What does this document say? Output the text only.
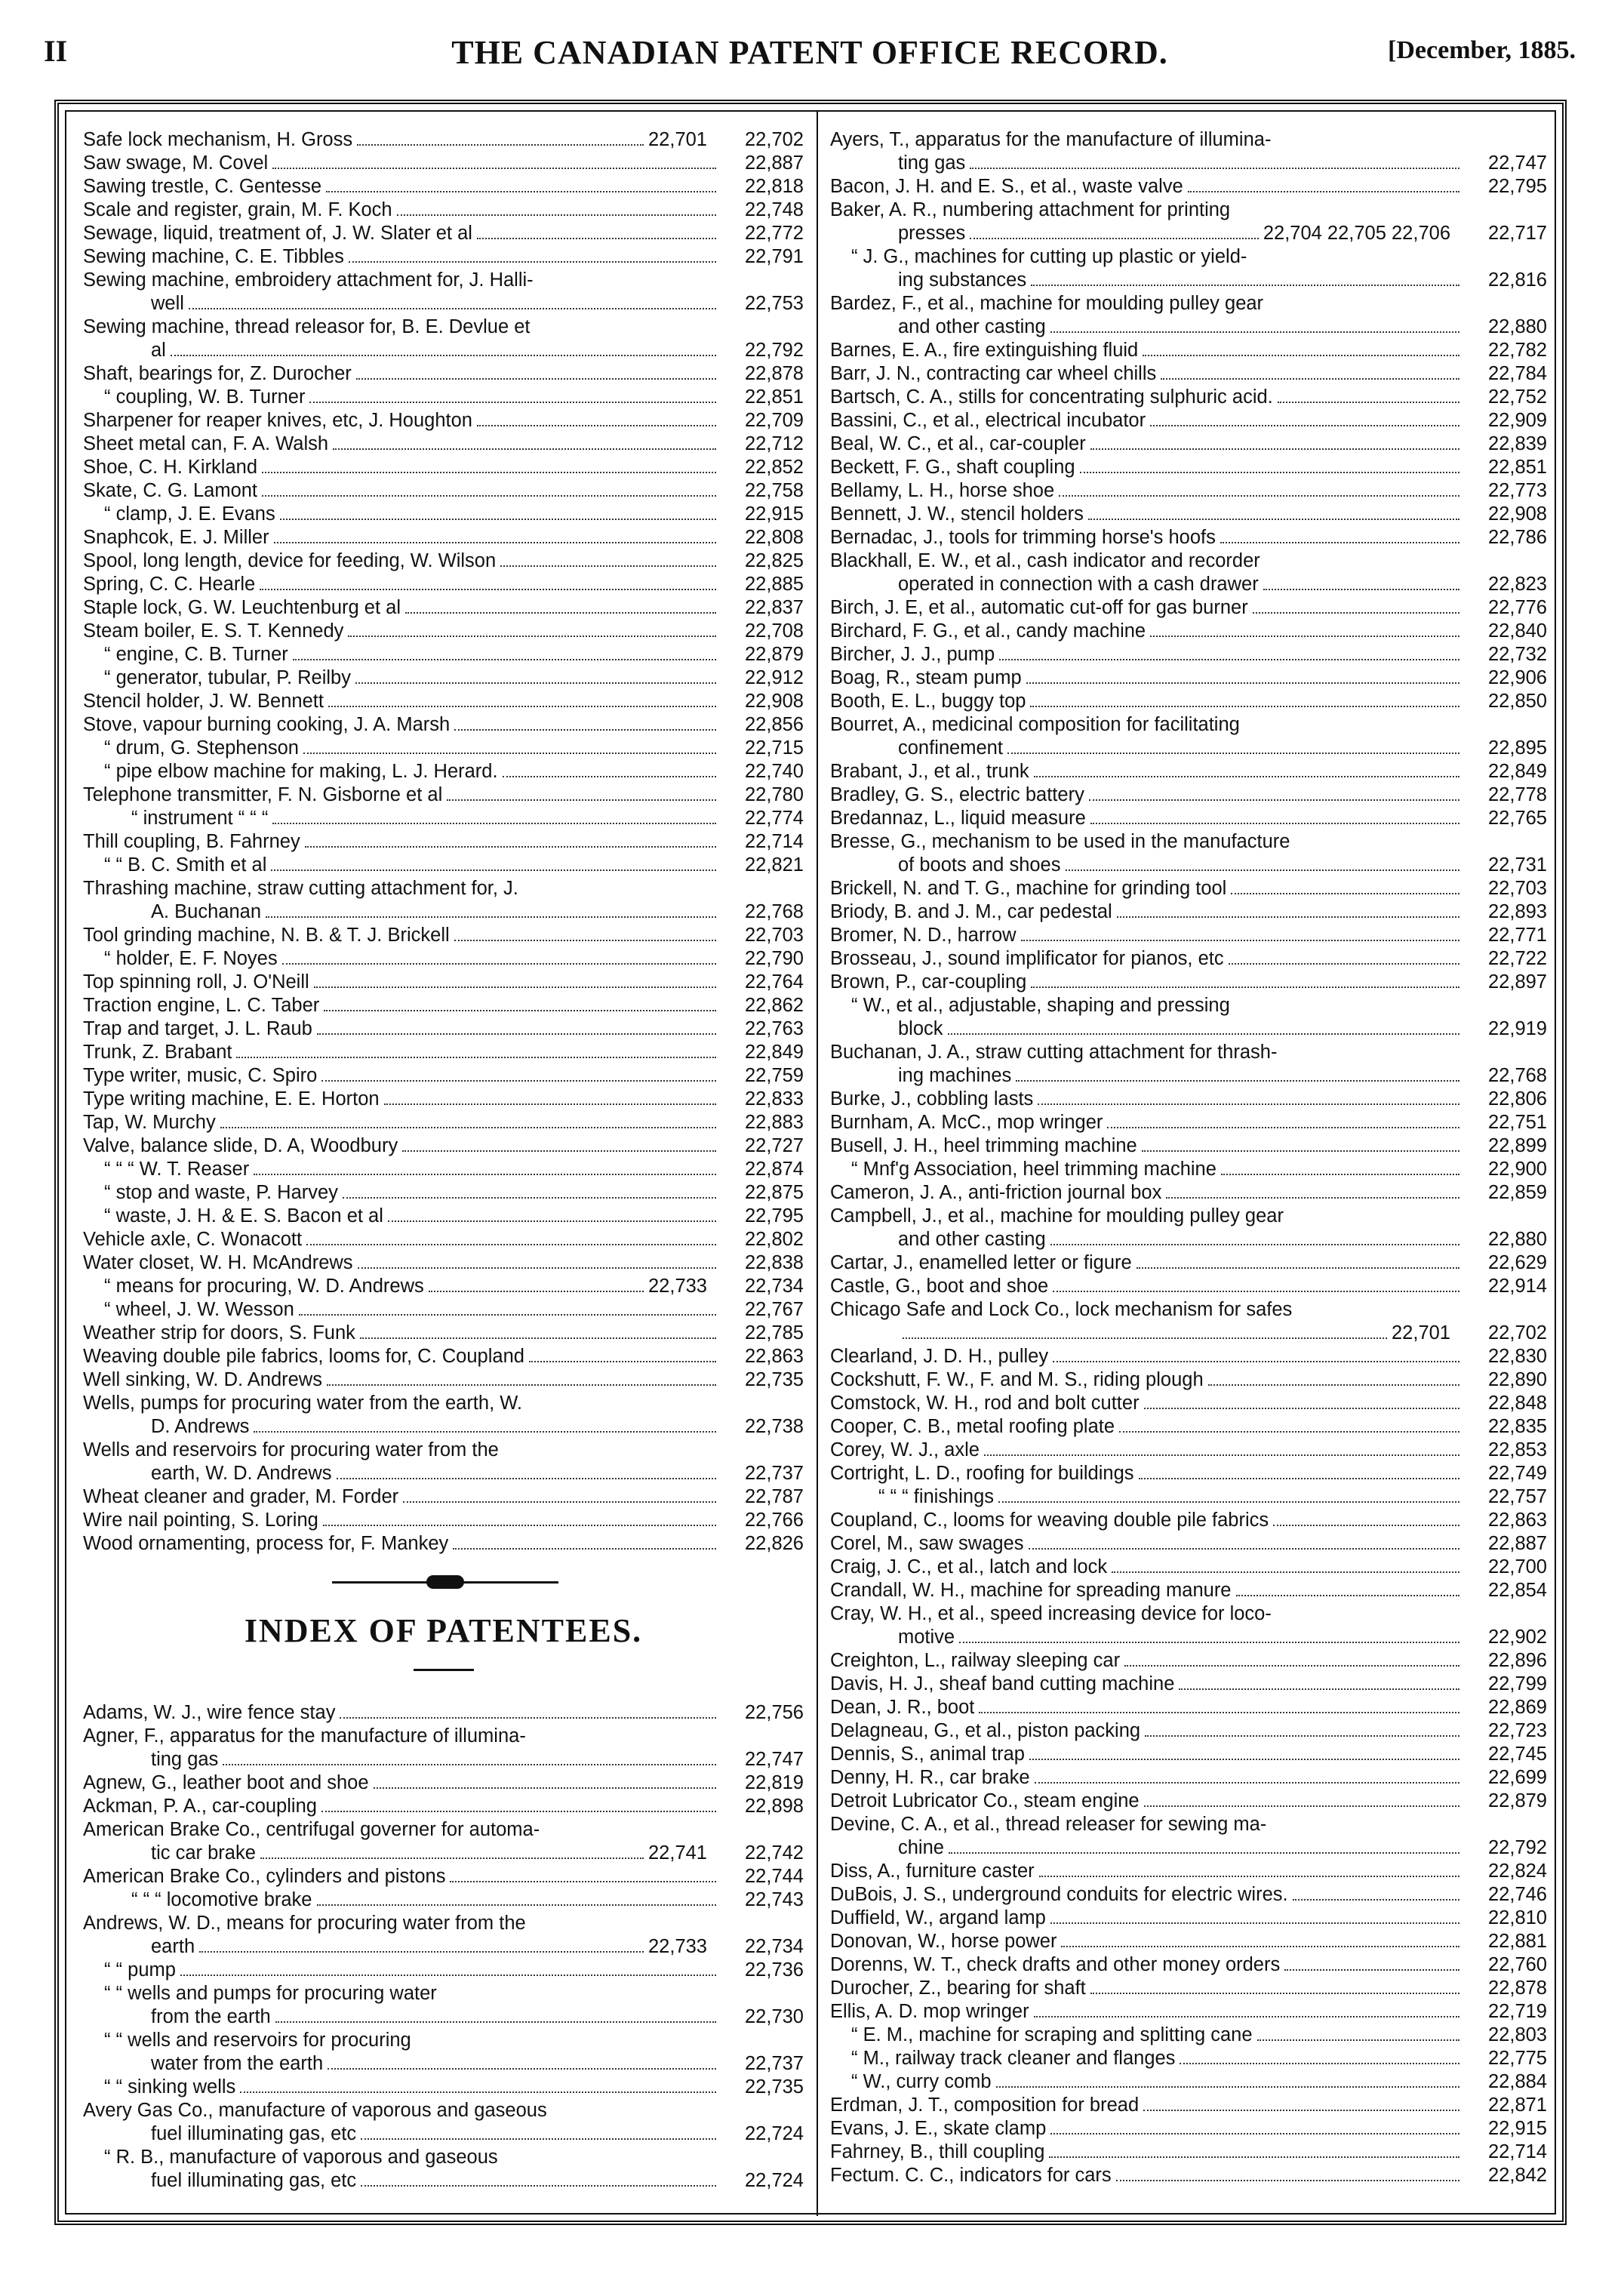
II	THE CANADIAN PATENT OFFICE RECORD.	[December, 1885.
Safe lock mechanism, H. Gross	22,701	22,702
Saw swage, M. Covel	22,887
Sawing trestle, C. Gentesse	22,818
Scale and register, grain, M. F. Koch	22,748
Sewage, liquid, treatment of, J. W. Slater et al	22,772
Sewing machine, C. E. Tibbles	22,791
Sewing machine, embroidery attachment for, J. Halli-
well	22,753
Sewing machine, thread releasor for, B. E. Devlue et
al	22,792
Shaft, bearings for, Z. Durocher	22,878
“ coupling, W. B. Turner	22,851
Sharpener for reaper knives, etc, J. Houghton	22,709
Sheet metal can, F. A. Walsh	22,712
Shoe, C. H. Kirkland	22,852
Skate, C. G. Lamont	22,758
“ clamp, J. E. Evans	22,915
Snaphcok, E. J. Miller	22,808
Spool, long length, device for feeding, W. Wilson	22,825
Spring, C. C. Hearle	22,885
Staple lock, G. W. Leuchtenburg et al	22,837
Steam boiler, E. S. T. Kennedy	22,708
“ engine, C. B. Turner	22,879
“ generator, tubular, P. Reilby	22,912
Stencil holder, J. W. Bennett	22,908
Stove, vapour burning cooking, J. A. Marsh	22,856
“ drum, G. Stephenson	22,715
“ pipe elbow machine for making, L. J. Herard.	22,740
Telephone transmitter, F. N. Gisborne et al	22,780
“ instrument “ “ “	22,774
Thill coupling, B. Fahrney	22,714
“ “ B. C. Smith et al	22,821
Thrashing machine, straw cutting attachment for, J.
A. Buchanan	22,768
Tool grinding machine, N. B. & T. J. Brickell	22,703
“ holder, E. F. Noyes	22,790
Top spinning roll, J. O'Neill	22,764
Traction engine, L. C. Taber	22,862
Trap and target, J. L. Raub	22,763
Trunk, Z. Brabant	22,849
Type writer, music, C. Spiro	22,759
Type writing machine, E. E. Horton	22,833
Tap, W. Murchy	22,883
Valve, balance slide, D. A, Woodbury	22,727
“ “ “ W. T. Reaser	22,874
“ stop and waste, P. Harvey	22,875
“ waste, J. H. & E. S. Bacon et al	22,795
Vehicle axle, C. Wonacott	22,802
Water closet, W. H. McAndrews	22,838
“ means for procuring, W. D. Andrews	22,733	22,734
“ wheel, J. W. Wesson	22,767
Weather strip for doors, S. Funk	22,785
Weaving double pile fabrics, looms for, C. Coupland	22,863
Well sinking, W. D. Andrews	22,735
Wells, pumps for procuring water from the earth, W.
D. Andrews	22,738
Wells and reservoirs for procuring water from the
earth, W. D. Andrews	22,737
Wheat cleaner and grader, M. Forder	22,787
Wire nail pointing, S. Loring	22,766
Wood ornamenting, process for, F. Mankey	22,826
INDEX OF PATENTEES.
Adams, W. J., wire fence stay	22,756
Agner, F., apparatus for the manufacture of illumina-
ting gas	22,747
Agnew, G., leather boot and shoe	22,819
Ackman, P. A., car-coupling	22,898
American Brake Co., centrifugal governer for automa-
tic car brake	22,741	22,742
American Brake Co., cylinders and pistons	22,744
“ “ “ locomotive brake	22,743
Andrews, W. D., means for procuring water from the
earth	22,733	22,734
“ “ pump	22,736
“ “ wells and pumps for procuring water
from the earth	22,730
“ “ wells and reservoirs for procuring
water from the earth	22,737
“ “ sinking wells	22,735
Avery Gas Co., manufacture of vaporous and gaseous
fuel illuminating gas, etc	22,724
“ R. B., manufacture of vaporous and gaseous
fuel illuminating gas, etc	22,724
Ayers, T., apparatus for the manufacture of illumina-
ting gas	22,747
Bacon, J. H. and E. S., et al., waste valve	22,795
Baker, A. R., numbering attachment for printing
presses	22,704 22,705 22,706	22,717
“ J. G., machines for cutting up plastic or yield-
ing substances	22,816
Bardez, F., et al., machine for moulding pulley gear
and other casting	22,880
Barnes, E. A., fire extinguishing fluid	22,782
Barr, J. N., contracting car wheel chills	22,784
Bartsch, C. A., stills for concentrating sulphuric acid.	22,752
Bassini, C., et al., electrical incubator	22,909
Beal, W. C., et al., car-coupler	22,839
Beckett, F. G., shaft coupling	22,851
Bellamy, L. H., horse shoe	22,773
Bennett, J. W., stencil holders	22,908
Bernadac, J., tools for trimming horse's hoofs	22,786
Blackhall, E. W., et al., cash indicator and recorder
operated in connection with a cash drawer	22,823
Birch, J. E, et al., automatic cut-off for gas burner	22,776
Birchard, F. G., et al., candy machine	22,840
Bircher, J. J., pump	22,732
Boag, R., steam pump	22,906
Booth, E. L., buggy top	22,850
Bourret, A., medicinal composition for facilitating
confinement	22,895
Brabant, J., et al., trunk	22,849
Bradley, G. S., electric battery	22,778
Bredannaz, L., liquid measure	22,765
Bresse, G., mechanism to be used in the manufacture
of boots and shoes	22,731
Brickell, N. and T. G., machine for grinding tool	22,703
Briody, B. and J. M., car pedestal	22,893
Bromer, N. D., harrow	22,771
Brosseau, J., sound implificator for pianos, etc	22,722
Brown, P., car-coupling	22,897
“ W., et al., adjustable, shaping and pressing
block	22,919
Buchanan, J. A., straw cutting attachment for thrash-
ing machines	22,768
Burke, J., cobbling lasts	22,806
Burnham, A. McC., mop wringer	22,751
Busell, J. H., heel trimming machine	22,899
“ Mnf'g Association, heel trimming machine	22,900
Cameron, J. A., anti-friction journal box	22,859
Campbell, J., et al., machine for moulding pulley gear
and other casting	22,880
Cartar, J., enamelled letter or figure	22,629
Castle, G., boot and shoe	22,914
Chicago Safe and Lock Co., lock mechanism for safes
22,701	22,702
Clearland, J. D. H., pulley	22,830
Cockshutt, F. W., F. and M. S., riding plough	22,890
Comstock, W. H., rod and bolt cutter	22,848
Cooper, C. B., metal roofing plate	22,835
Corey, W. J., axle	22,853
Cortright, L. D., roofing for buildings	22,749
“ “ “ finishings	22,757
Coupland, C., looms for weaving double pile fabrics	22,863
Corel, M., saw swages	22,887
Craig, J. C., et al., latch and lock	22,700
Crandall, W. H., machine for spreading manure	22,854
Cray, W. H., et al., speed increasing device for loco-
motive	22,902
Creighton, L., railway sleeping car	22,896
Davis, H. J., sheaf band cutting machine	22,799
Dean, J. R., boot	22,869
Delagneau, G., et al., piston packing	22,723
Dennis, S., animal trap	22,745
Denny, H. R., car brake	22,699
Detroit Lubricator Co., steam engine	22,879
Devine, C. A., et al., thread releaser for sewing ma-
chine	22,792
Diss, A., furniture caster	22,824
DuBois, J. S., underground conduits for electric wires.	22,746
Duffield, W., argand lamp	22,810
Donovan, W., horse power	22,881
Dorenns, W. T., check drafts and other money orders	22,760
Durocher, Z., bearing for shaft	22,878
Ellis, A. D. mop wringer	22,719
“ E. M., machine for scraping and splitting cane	22,803
“ M., railway track cleaner and flanges	22,775
“ W., curry comb	22,884
Erdman, J. T., composition for bread	22,871
Evans, J. E., skate clamp	22,915
Fahrney, B., thill coupling	22,714
Fectum. C. C., indicators for cars	22,842
